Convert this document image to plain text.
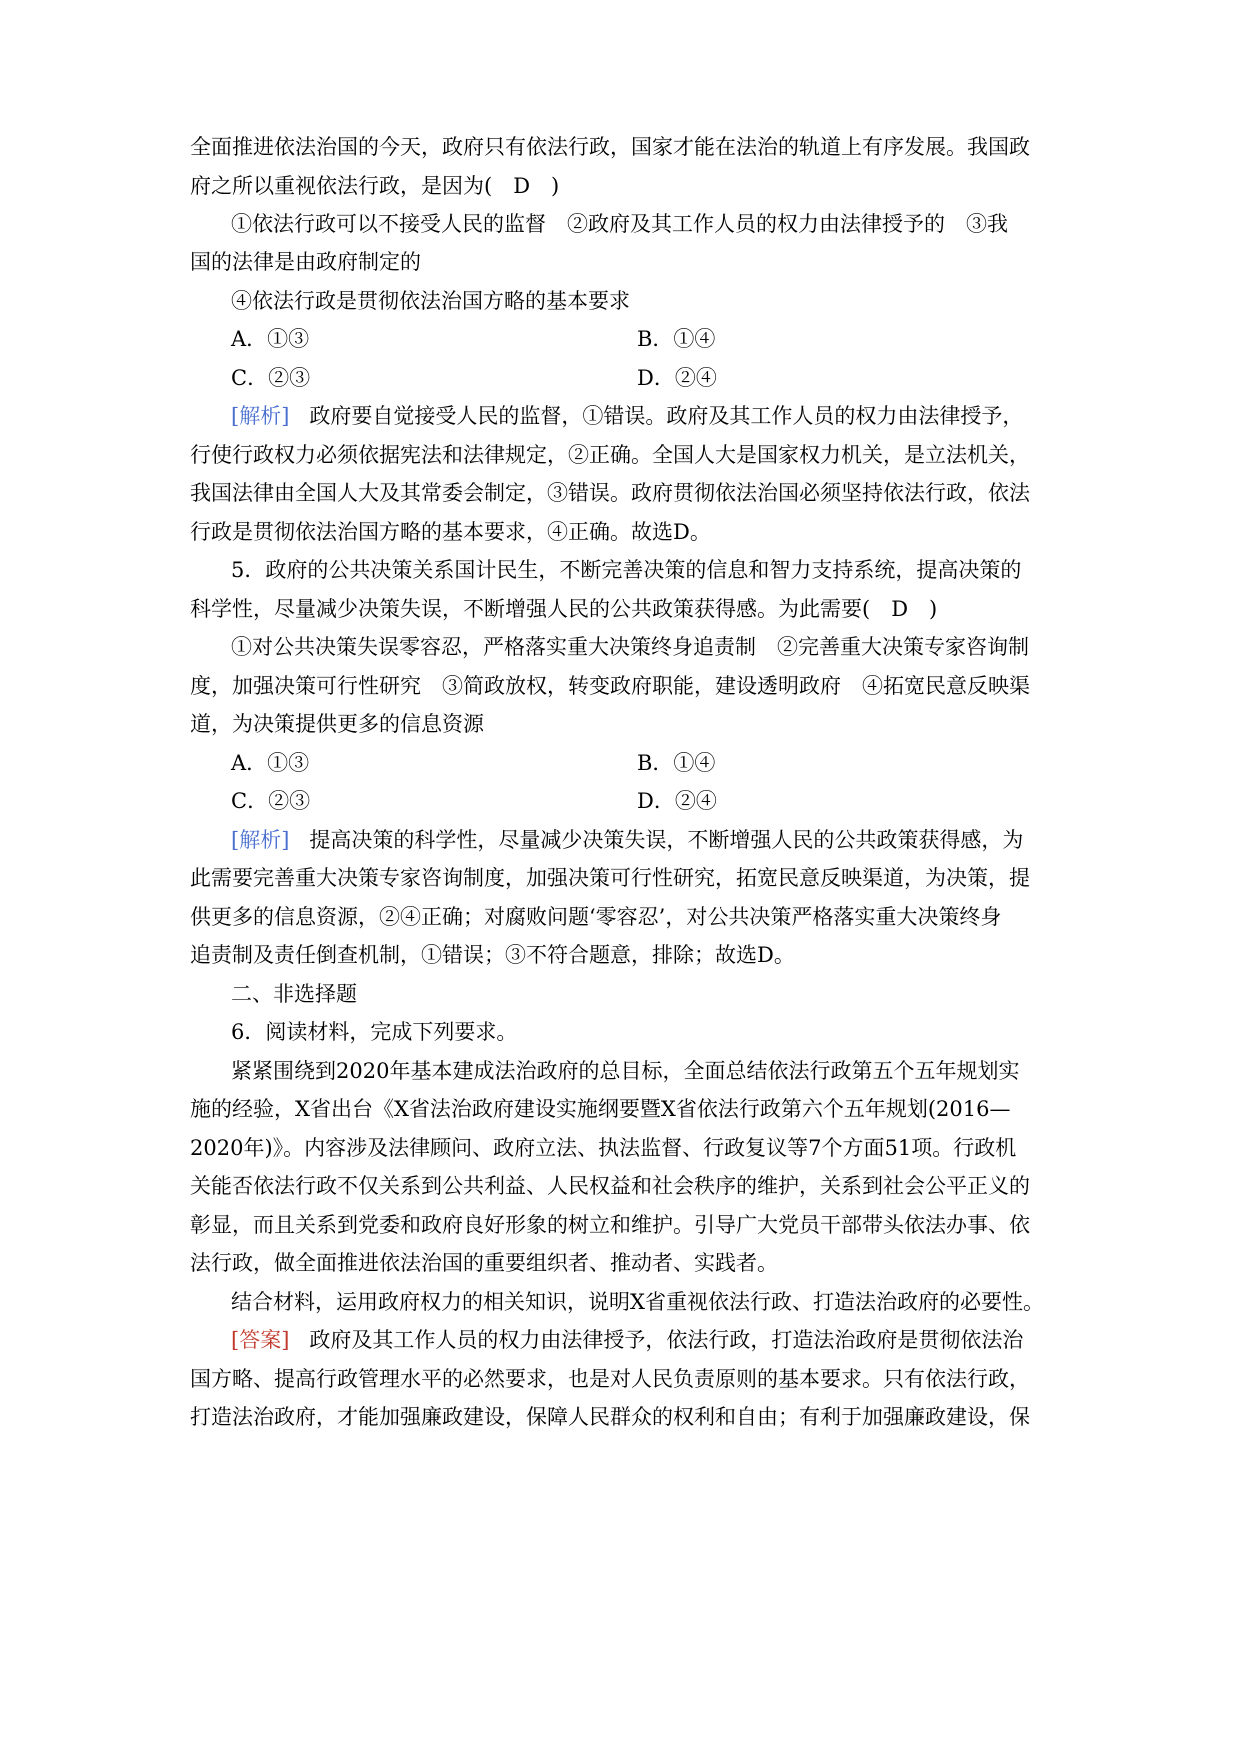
全面推进依法治国的今天，政府只有依法行政，国家才能在法治的轨道上有序发展。我国政
府之所以重视依法行政，是因为(　D　)
①依法行政可以不接受人民的监督　②政府及其工作人员的权力由法律授予的　③我
国的法律是由政府制定的
④依法行政是贯彻依法治国方略的基本要求
A．①③	B．①④
C．②③	D．②④
[解析] 政府要自觉接受人民的监督，①错误。政府及其工作人员的权力由法律授予，
行使行政权力必须依据宪法和法律规定，②正确。全国人大是国家权力机关，是立法机关，
我国法律由全国人大及其常委会制定，③错误。政府贯彻依法治国必须坚持依法行政，依法
行政是贯彻依法治国方略的基本要求，④正确。故选D。
5．政府的公共决策关系国计民生，不断完善决策的信息和智力支持系统，提高决策的
科学性，尽量减少决策失误，不断增强人民的公共政策获得感。为此需要(　D　)
①对公共决策失误零容忍，严格落实重大决策终身追责制　②完善重大决策专家咨询制
度，加强决策可行性研究　③简政放权，转变政府职能，建设透明政府　④拓宽民意反映渠
道，为决策提供更多的信息资源
A．①③	B．①④
C．②③	D．②④
[解析] 提高决策的科学性，尽量减少决策失误，不断增强人民的公共政策获得感，为
此需要完善重大决策专家咨询制度，加强决策可行性研究，拓宽民意反映渠道，为决策，提
供更多的信息资源，②④正确；对腐败问题‘零容忍’，对公共决策严格落实重大决策终身
追责制及责任倒查机制，①错误；③不符合题意，排除；故选D。
二、非选择题
6．阅读材料，完成下列要求。
紧紧围绕到2020年基本建成法治政府的总目标，全面总结依法行政第五个五年规划实
施的经验，X省出台《X省法治政府建设实施纲要暨X省依法行政第六个五年规划(2016—
2020年)》。内容涉及法律顾问、政府立法、执法监督、行政复议等7个方面51项。行政机
关能否依法行政不仅关系到公共利益、人民权益和社会秩序的维护，关系到社会公平正义的
彰显，而且关系到党委和政府良好形象的树立和维护。引导广大党员干部带头依法办事、依
法行政，做全面推进依法治国的重要组织者、推动者、实践者。
结合材料，运用政府权力的相关知识，说明X省重视依法行政、打造法治政府的必要性。
[答案] 政府及其工作人员的权力由法律授予，依法行政，打造法治政府是贯彻依法治
国方略、提高行政管理水平的必然要求，也是对人民负责原则的基本要求。只有依法行政，
打造法治政府，才能加强廉政建设，保障人民群众的权利和自由；有利于加强廉政建设，保
